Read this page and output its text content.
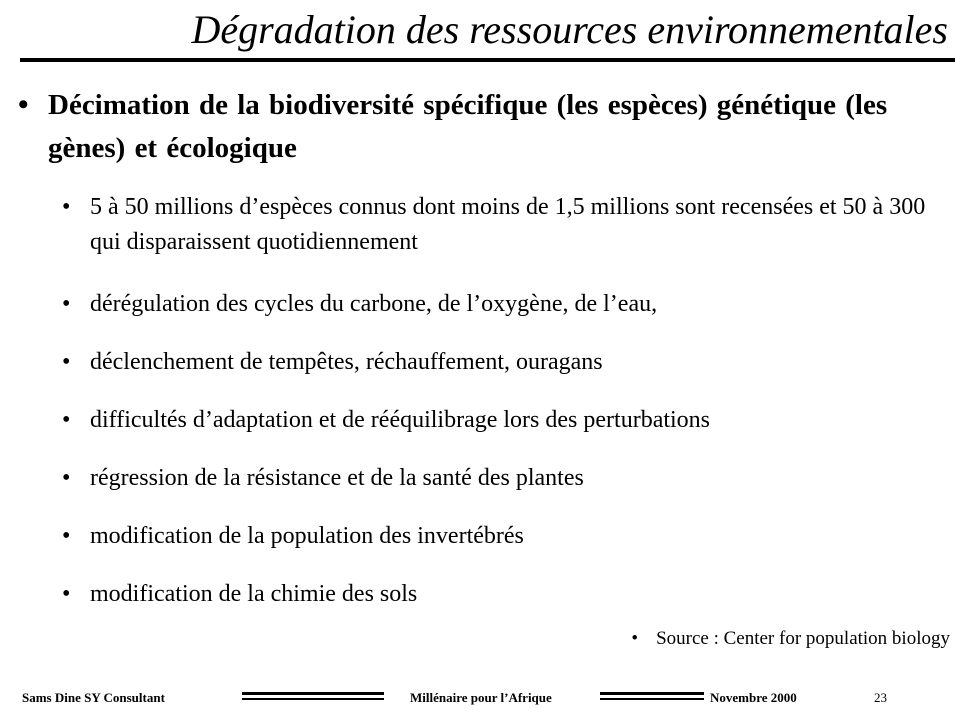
Dégradation des ressources environnementales
• Décimation de la biodiversité spécifique (les espèces) génétique (les gènes) et écologique
• 5 à 50 millions d’espèces connus dont moins de 1,5 millions sont recensées et 50 à 300 qui disparaissent quotidiennement
• dérégulation des cycles du carbone, de l’oxygène, de l’eau,
• déclenchement de tempêtes, réchauffement, ouragans
• difficultés d’adaptation et de rééquilibrage lors des perturbations
• régression de la résistance et de la santé des plantes
• modification de la population des invertébrés
• modification de la chimie des sols
• Source : Center for population biology
Sams Dine SY Consultant	Millénaire pour l’Afrique	Novembre 2000	23
